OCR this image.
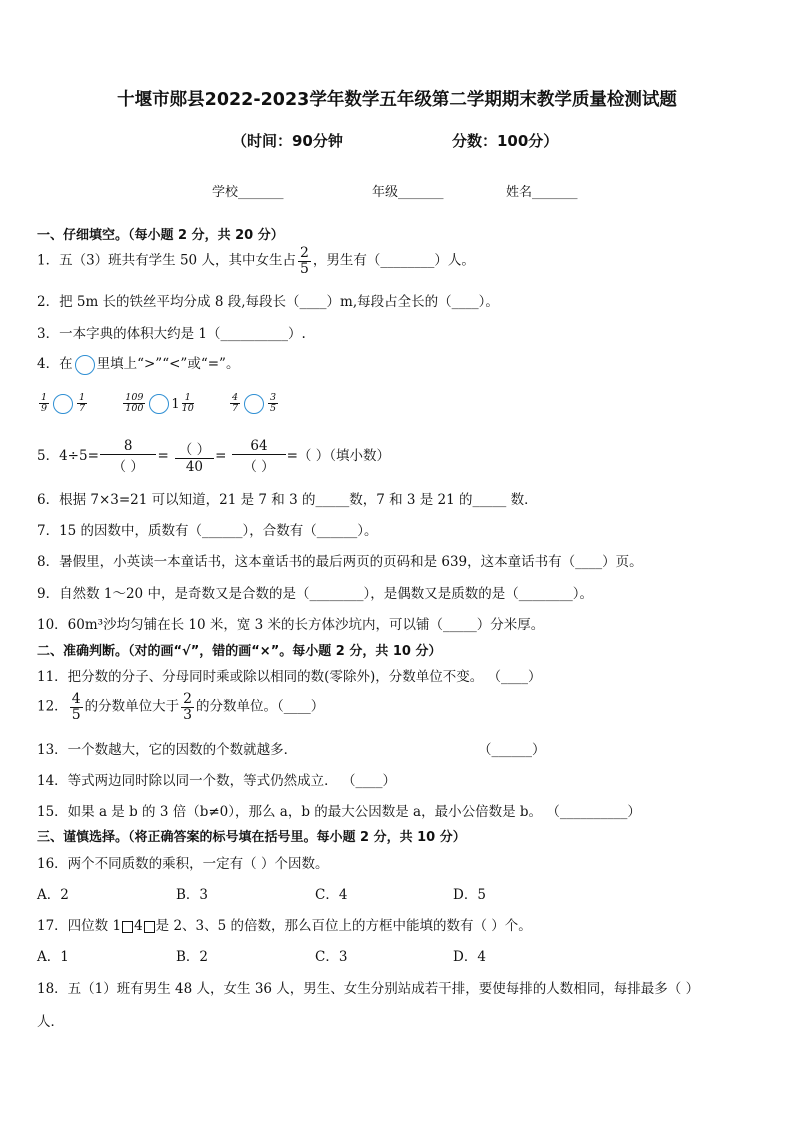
十堰市郧县2022-2023学年数学五年级第二学期期末教学质量检测试题
（时间：90分钟	分数：100分）
学校_______	年级_______	姓名_______
一、仔细填空。（每小题 2 分，共 20 分）
1．五（3）班共有学生 50 人，其中女生占 $\frac{2}{5}$ ，男生有（________）人。
2．把 5m 长的铁丝平均分成 8 段,每段长（____）m,每段占全长的（____）。
3．一本字典的体积大约是 1（__________）.
4．在 里填上“>”“<”或“=”。
$\frac{1}{9}$	$\frac{1}{7}$
	$\frac{109}{100} 1 \frac{1}{10}$
	$\frac{4}{7}$	$\frac{3}{5}$
5．4÷5=
8
（ ）
= （ ）
40
=
64
（ ）
=（ ）（填小数）
6．根据 7×3=21 可以知道，21 是 7 和 3 的_____数，7 和 3 是 21 的_____ 数．
7．15 的因数中，质数有（______），合数有（______）。
8．暑假里，小英读一本童话书，这本童话书的最后两页的页码和是 639，这本童话书有（____）页。
9．自然数 1～20 中，是奇数又是合数的是（________），是偶数又是质数的是（________）。
10．60m³沙均匀铺在长 10 米，宽 3 米的长方体沙坑内，可以铺（_____）分米厚。
二、准确判断。（对的画“√”，错的画“×”。每小题 2 分，共 10 分）
11．把分数的分子、分母同时乘或除以相同的数(零除外)，分数单位不变。 （____）
12． $\frac{4}{5}$ 的分数单位大于 $\frac{2}{3}$ 的分数单位。（____）
13．一个数越大，它的因数的个数就越多．	（______）
14．等式两边同时除以同一个数，等式仍然成立． （____）
15．如果 a 是 b 的 3 倍（b≠0），那么 a，b 的最大公因数是 a，最小公倍数是 b。 （__________）
三、谨慎选择。（将正确答案的标号填在括号里。每小题 2 分，共 10 分）
16．两个不同质数的乘积，一定有（ ）个因数。
A．2	B．3	C．4	D．5
17．四位数 1 4 是 2、3、5 的倍数，那么百位上的方框中能填的数有（ ）个。
A．1	B．2	C．3	D．4
18．五（1）班有男生 48 人，女生 36 人，男生、女生分别站成若干排，要使每排的人数相同，每排最多（ ）
人．
